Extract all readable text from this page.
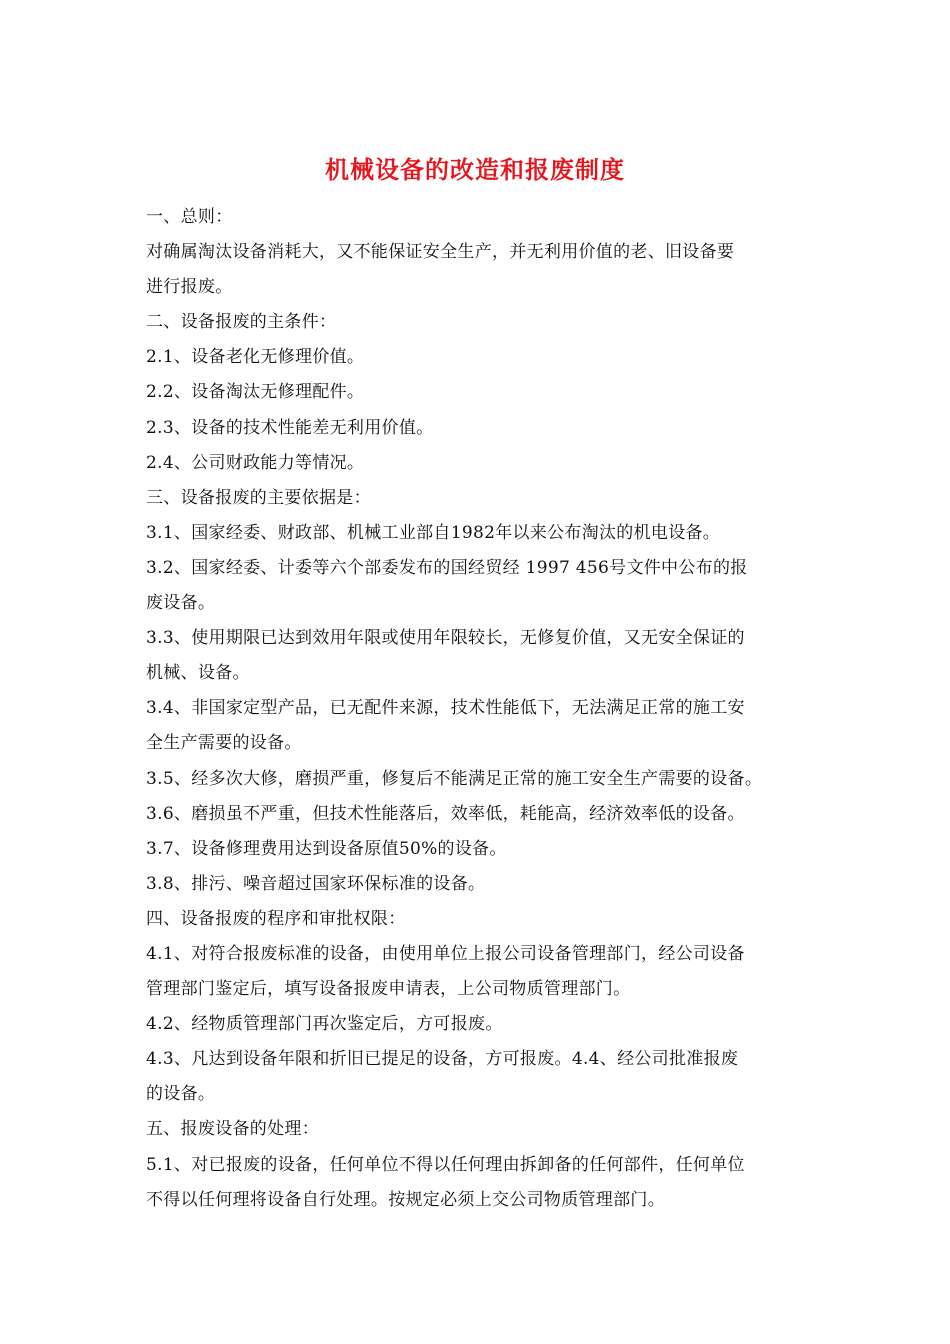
机械设备的改造和报废制度
一、总则：
对确属淘汰设备消耗大，又不能保证安全生产，并无利用价值的老、旧设备要
进行报废。
二、设备报废的主条件：
2.1、设备老化无修理价值。
2.2、设备淘汰无修理配件。
2.3、设备的技术性能差无利用价值。
2.4、公司财政能力等情况。
三、设备报废的主要依据是：
3.1、国家经委、财政部、机械工业部自1982年以来公布淘汰的机电设备。
3.2、国家经委、计委等六个部委发布的国经贸经 1997 456号文件中公布的报
废设备。
3.3、使用期限已达到效用年限或使用年限较长，无修复价值，又无安全保证的
机械、设备。
3.4、非国家定型产品，已无配件来源，技术性能低下，无法满足正常的施工安
全生产需要的设备。
3.5、经多次大修，磨损严重，修复后不能满足正常的施工安全生产需要的设备。
3.6、磨损虽不严重，但技术性能落后，效率低，耗能高，经济效率低的设备。
3.7、设备修理费用达到设备原值50%的设备。
3.8、排污、噪音超过国家环保标准的设备。
四、设备报废的程序和审批权限：
4.1、对符合报废标准的设备，由使用单位上报公司设备管理部门，经公司设备
管理部门鉴定后，填写设备报废申请表，上公司物质管理部门。
4.2、经物质管理部门再次鉴定后，方可报废。
4.3、凡达到设备年限和折旧已提足的设备，方可报废。4.4、经公司批准报废
的设备。
五、报废设备的处理：
5.1、对已报废的设备，任何单位不得以任何理由拆卸备的任何部件，任何单位
不得以任何理将设备自行处理。按规定必须上交公司物质管理部门。
